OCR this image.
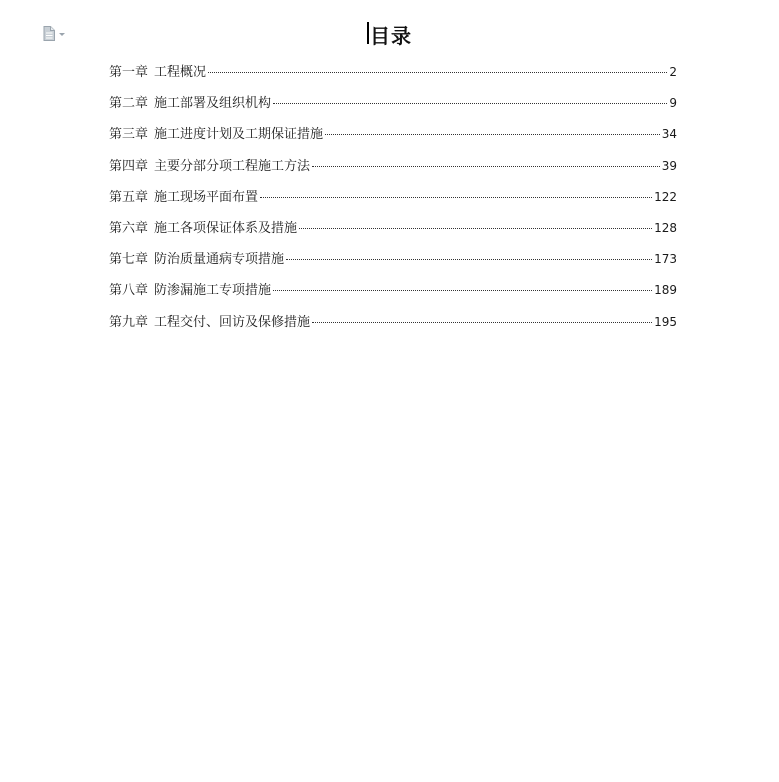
目录
第一章 工程概况	2
第二章 施工部署及组织机构	9
第三章 施工进度计划及工期保证措施	34
第四章 主要分部分项工程施工方法	39
第五章 施工现场平面布置	122
第六章 施工各项保证体系及措施	128
第七章 防治质量通病专项措施	173
第八章 防渗漏施工专项措施	189
第九章 工程交付、回访及保修措施	195
